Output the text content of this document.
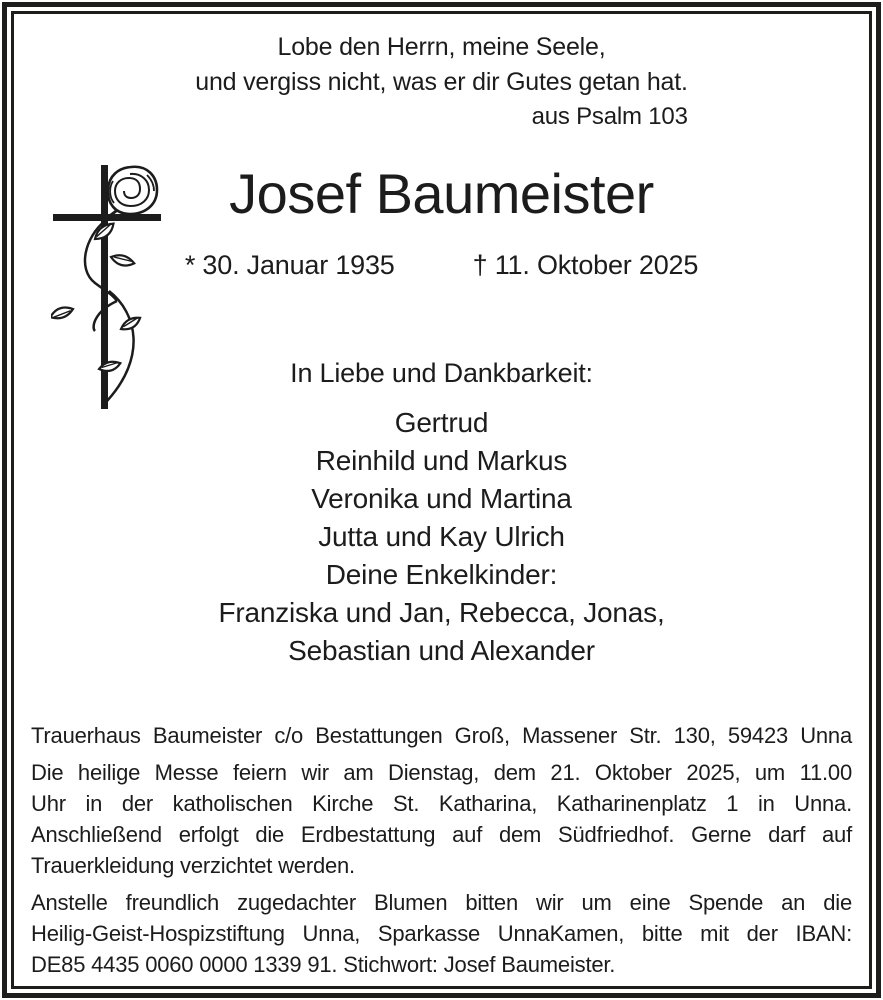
Lobe den Herrn, meine Seele,
und vergiss nicht, was er dir Gutes getan hat.
aus Psalm 103
Josef Baumeister
* 30. Januar 1935	† 11. Oktober 2025
In Liebe und Dankbarkeit:
Gertrud
Reinhild und Markus
Veronika und Martina
Jutta und Kay Ulrich
Deine Enkelkinder:
Franziska und Jan, Rebecca, Jonas,
Sebastian und Alexander
Trauerhaus Baumeister c/o Bestattungen Groß, Massener Str. 130, 59423 Unna
Die heilige Messe feiern wir am Dienstag, dem 21. Oktober 2025, um 11.00
Uhr in der katholischen Kirche St. Katharina, Katharinenplatz 1 in Unna.
Anschließend erfolgt die Erdbestattung auf dem Südfriedhof. Gerne darf auf
Trauerkleidung verzichtet werden.
Anstelle freundlich zugedachter Blumen bitten wir um eine Spende an die
Heilig-Geist-Hospizstiftung Unna, Sparkasse UnnaKamen, bitte mit der IBAN:
DE85 4435 0060 0000 1339 91. Stichwort: Josef Baumeister.
